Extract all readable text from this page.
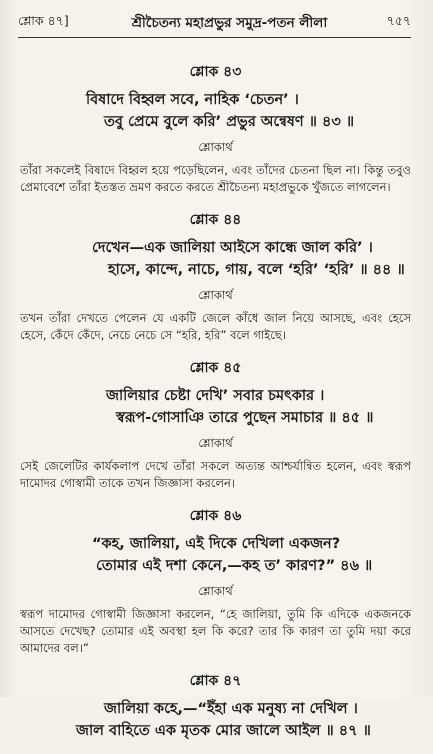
শ্লোক ৪৭]	শ্রীচৈতন্য মহাপ্রভুর সমুদ্র-পতন লীলা	৭৫৭
শ্লোক ৪৩
বিষাদে বিহ্বল সবে, নাহিক ‘চেতন’ ।
তবু প্রেমে বুলে করি’ প্রভুর অন্বেষণ ॥ ৪৩ ॥
শ্লোকার্থ

তাঁরা সকলেই বিষাদে বিহ্বল হয়ে পড়েছিলেন, এবং তাঁদের চেতনা ছিল না। কিন্তু তবুও প্রেমাবেশে তাঁরা ইতস্তত ভ্রমণ করতে করতে শ্রীচৈতন্য মহাপ্রভুকে খুঁজতে লাগলেন।

শ্লোক ৪৪
দেখেন—এক জালিয়া আইসে কান্ধে জাল করি’ ।
হাসে, কান্দে, নাচে, গায়, বলে ‘হরি’ ‘হরি’ ॥ ৪৪ ॥
শ্লোকার্থ

তখন তাঁরা দেখতে পেলেন যে একটি জেলে কাঁধে জাল নিয়ে আসছে, এবং হেসে হেসে, কেঁদে কেঁদে, নেচে নেচে সে “হরি, হরি” বলে গাইছে।

শ্লোক ৪৫
জালিয়ার চেষ্টা দেখি’ সবার চমৎকার ।
স্বরূপ-গোসাঞি তারে পুছেন সমাচার ॥ ৪৫ ॥
শ্লোকার্থ

সেই জেলেটির কার্যকলাপ দেখে তাঁরা সকলে অত্যন্ত আশ্চর্যান্বিত হলেন, এবং স্বরূপ দামোদর গোস্বামী তাকে তখন জিজ্ঞাসা করলেন।

শ্লোক ৪৬
“কহ, জালিয়া, এই দিকে দেখিলা একজন?
তোমার এই দশা কেনে,—কহ ত’ কারণ?” ৪৬ ॥
শ্লোকার্থ

স্বরূপ দামোদর গোস্বামী জিজ্ঞাসা করলেন, “হে জালিয়া, তুমি কি এদিকে একজনকে আসতে দেখেছ? তোমার এই অবস্থা হল কি করে? তার কি কারণ তা তুমি দয়া করে আমাদের বল।”

শ্লোক ৪৭
জালিয়া কহে,—“ইঁহা এক মনুষ্য না দেখিল ।
জাল বাহিতে এক মৃতক মোর জালে আইল ॥ ৪৭ ॥
